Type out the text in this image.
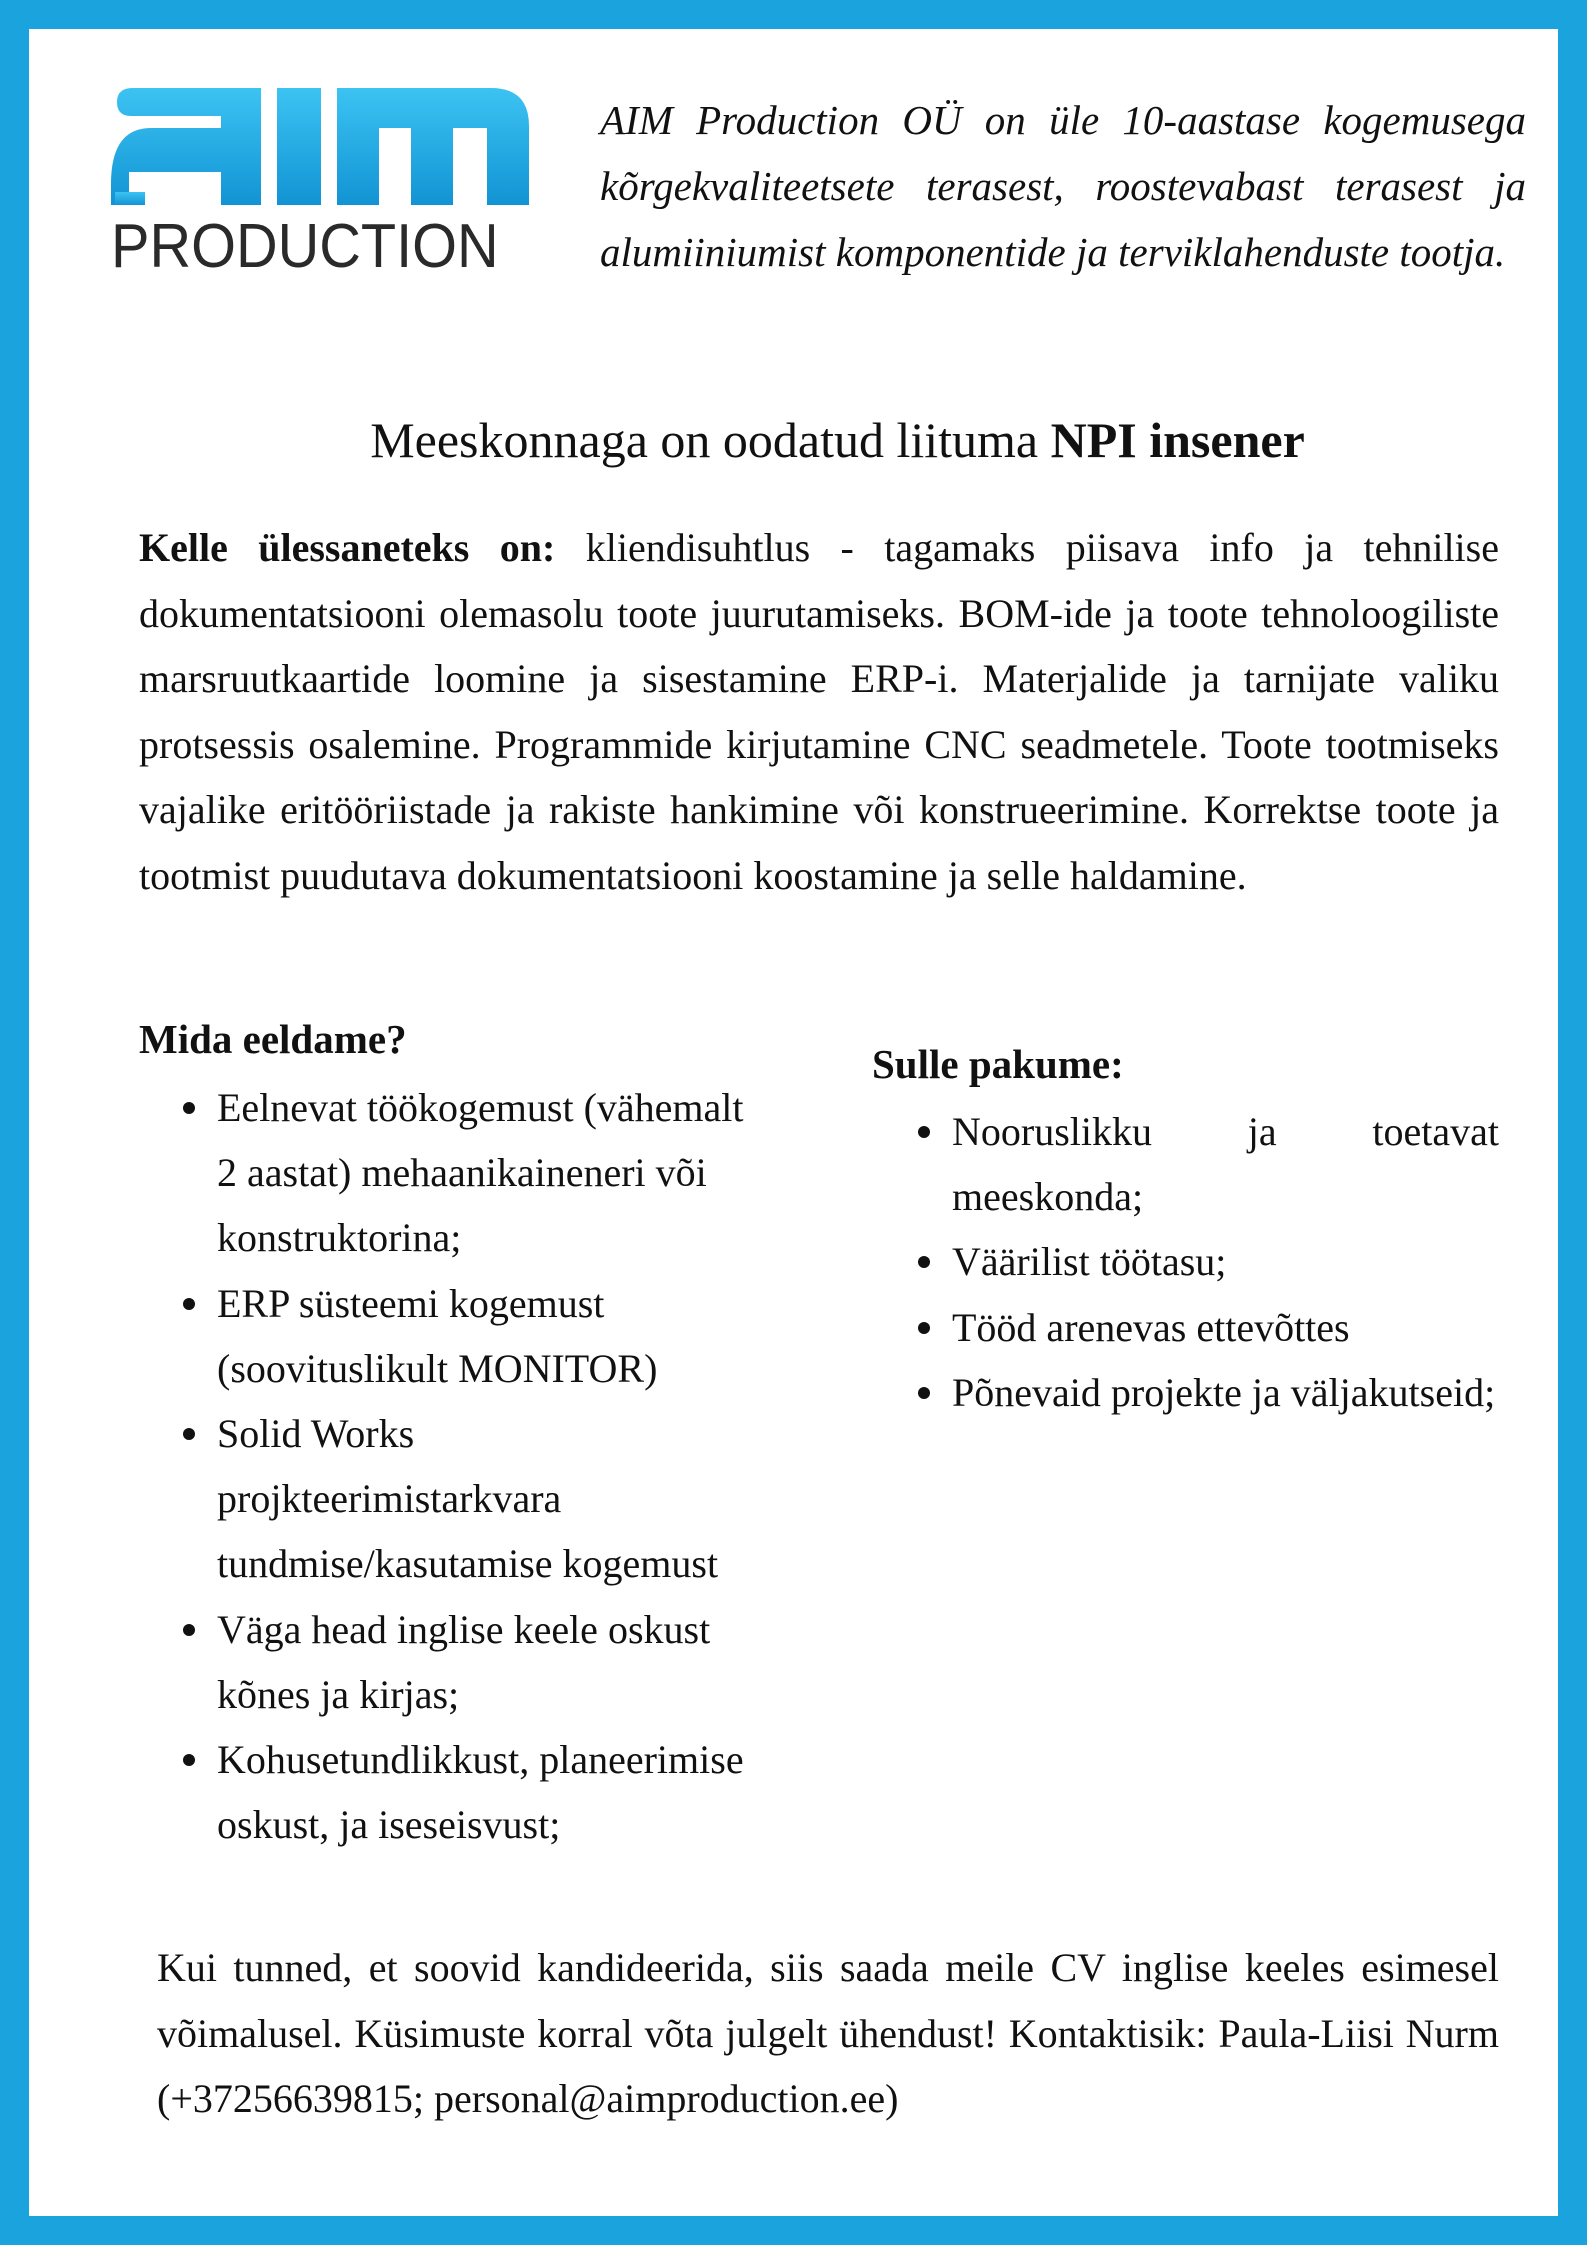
PRODUCTION
AIM Production OÜ on üle 10-aastase kogemusega kõrgekvaliteetsete terasest, roostevabast terasest ja alumiiniumist komponentide ja terviklahenduste tootja.
Meeskonnaga on oodatud liituma NPI insener
Kelle ülessaneteks on: kliendisuhtlus - tagamaks piisava info ja tehnilise dokumentatsiooni olemasolu toote juurutamiseks. BOM-ide ja toote tehnoloogiliste marsruutkaartide loomine ja sisestamine ERP-i. Materjalide ja tarnijate valiku protsessis osalemine. Programmide kirjutamine CNC seadmetele. Toote tootmiseks vajalike eritööriistade ja rakiste hankimine või konstrueerimine. Korrektse toote ja tootmist puudutava dokumentatsiooni koostamine ja selle haldamine.
Mida eeldame?
Eelnevat töökogemust (vähemalt
2 aastat) mehaanikaineneri või
konstruktorina;
ERP süsteemi kogemust
(soovituslikult MONITOR)
Solid Works
projkteerimistarkvara
tundmise/kasutamise kogemust
Väga head inglise keele oskust
kõnes ja kirjas;
Kohusetundlikkust, planeerimise
oskust, ja iseseisvust;
Sulle pakume:
Nooruslikku ja toetavat meeskonda;
Väärilist töötasu;
Tööd arenevas ettevõttes
Põnevaid projekte ja väljakutseid;
Kui tunned, et soovid kandideerida, siis saada meile CV inglise keeles esimesel võimalusel. Küsimuste korral võta julgelt ühendust! Kontaktisik: Paula-Liisi Nurm (+37256639815; personal@aimproduction.ee)
